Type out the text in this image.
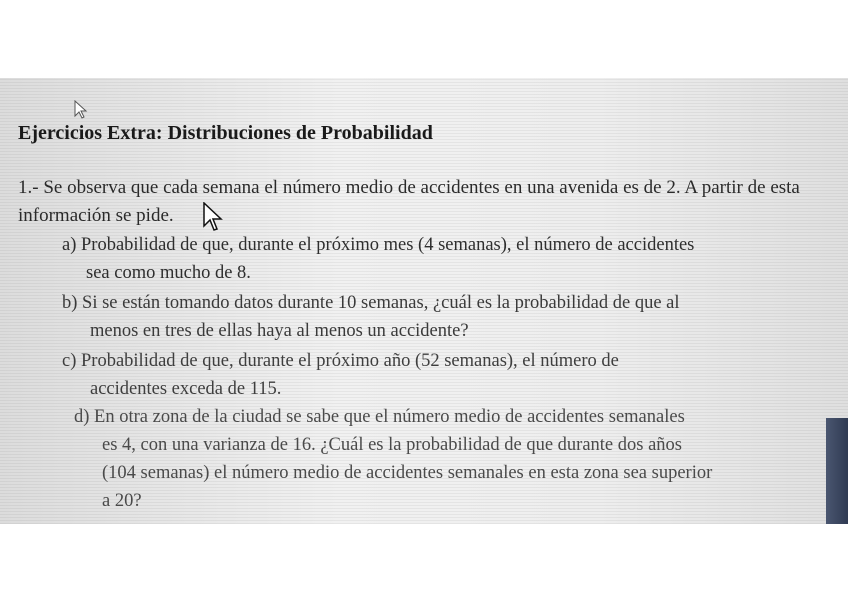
Ejercicios Extra: Distribuciones de Probabilidad
1.- Se observa que cada semana el número medio de accidentes en una avenida es de 2. A partir de esta información se pide.
a) Probabilidad de que, durante el próximo mes (4 semanas), el número de accidentes
sea como mucho de 8.
b) Si se están tomando datos durante 10 semanas, ¿cuál es la probabilidad de que al
menos en tres de ellas haya al menos un accidente?
c) Probabilidad de que, durante el próximo año (52 semanas), el número de
accidentes exceda de 115.
d) En otra zona de la ciudad se sabe que el número medio de accidentes semanales
es 4, con una varianza de 16. ¿Cuál es la probabilidad de que durante dos años
(104 semanas) el número medio de accidentes semanales en esta zona sea superior
a 20?
